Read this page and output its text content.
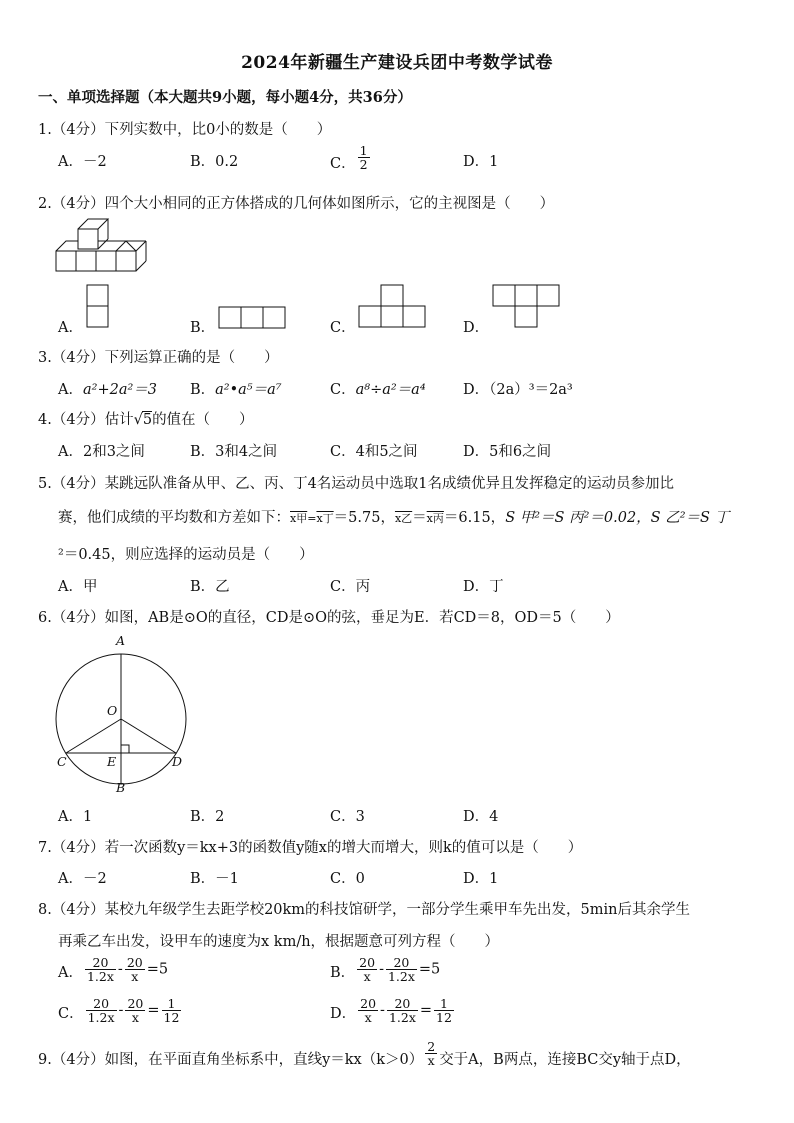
2024年新疆生产建设兵团中考数学试卷
一、单项选择题（本大题共9小题，每小题4分，共36分）
1.（4分）下列实数中，比0小的数是（　　）
A．－2	B．0.2	C． $\frac{1}{2}$	D．1
2.（4分）四个大小相同的正方体搭成的几何体如图所示，它的主视图是（　　）
A．	B．	C．	D．
3.（4分）下列运算正确的是（　　）
A．a²+2a²＝3 B．a²•a⁵＝a⁷	C．a⁸÷a²＝a⁴	D．（2a）³＝2a³
4.（4分）估计√5的值在（　　）
A．2和3之间	B．3和4之间	C．4和5之间	D．5和6之间
5.（4分）某跳远队准备从甲、乙、丙、丁4名运动员中选取1名成绩优异且发挥稳定的运动员参加比
赛，他们成绩的平均数和方差如下：x甲=x丁＝5.75，x乙＝x丙＝6.15，S 甲²＝S 丙²＝0.02，S 乙²＝S 丁
²＝0.45，则应选择的运动员是（　　）
A．甲	B．乙	C．丙	D．丁
6.（4分）如图，AB是⊙O的直径，CD是⊙O的弦，垂足为E．若CD＝8，OD＝5（　　）
A
O
C	E	D
B
A．1	B．2	C．3	D．4
7.（4分）若一次函数y＝kx+3的函数值y随x的增大而增大，则k的值可以是（　　）
A．－2	B．－1	C．0	D．1
8.（4分）某校九年级学生去距学校20km的科技馆研学，一部分学生乘甲车先出发，5min后其余学生
再乘乙车出发，设甲车的速度为x km/h，根据题意可列方程（　　）
A． $\frac{20}{1.2x} - \frac{20}{x} =5$	B． $\frac{20}{x} - \frac{20}{1.2x} =5$
C． $\frac{20}{1.2x} - \frac{20}{x} = \frac{1}{12}$	D． $\frac{20}{x} - \frac{20}{1.2x} = \frac{1}{12}$
9.（4分）如图，在平面直角坐标系中，直线$y=kx(k>0) \frac{2}{x}$ 交于A，B两点，连接BC交y轴于点D，
